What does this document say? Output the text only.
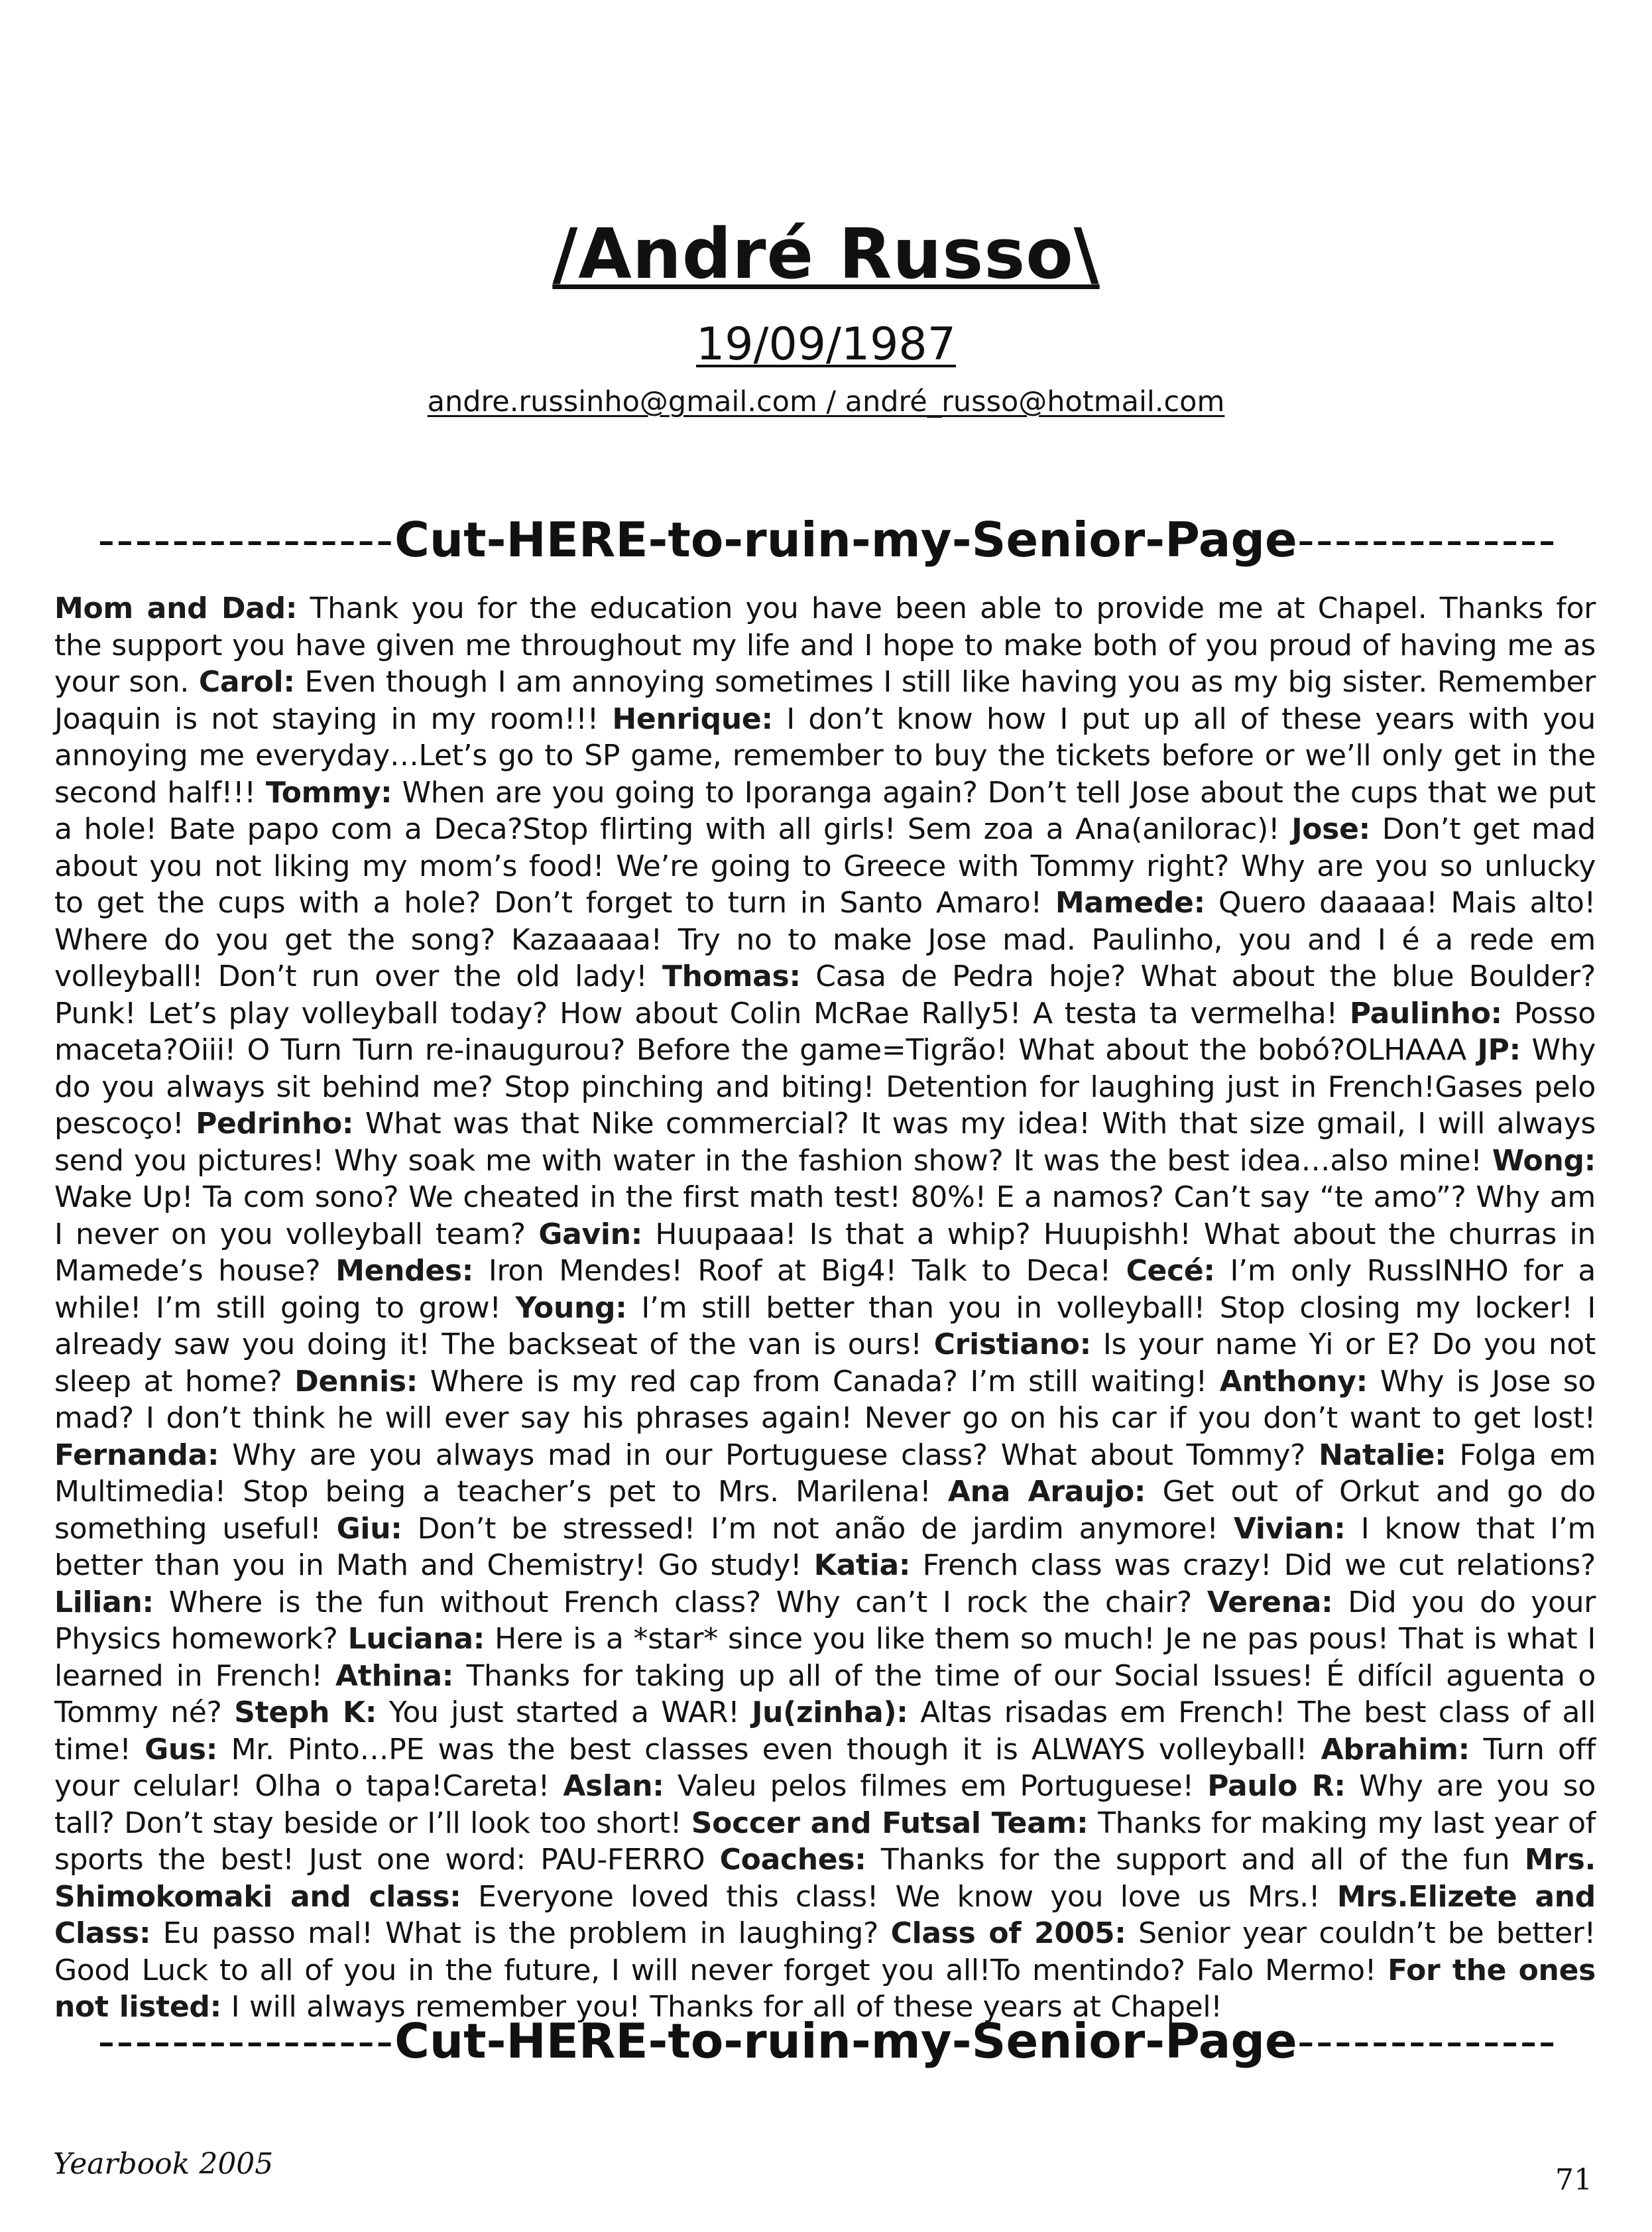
/André Russo\
19/09/1987
andre.russinho@gmail.com / andré_russo@hotmail.com
----------------Cut-HERE-to-ruin-my-Senior-Page--------------
Mom and Dad: Thank you for the education you have been able to provide me at Chapel. Thanks for the support you have given me throughout my life and I hope to make both of you proud of having me as your son. Carol: Even though I am annoying sometimes I still like having you as my big sister. Remember Joaquin is not staying in my room!!! Henrique: I don’t know how I put up all of these years with you annoying me everyday…Let’s go to SP game, remember to buy the tickets before or we’ll only get in the second half!!! Tommy: When are you going to Iporanga again? Don’t tell Jose about the cups that we put a hole! Bate papo com a Deca?Stop flirting with all girls! Sem zoa a Ana(anilorac)! Jose: Don’t get mad about you not liking my mom’s food! We’re going to Greece with Tommy right? Why are you so unlucky to get the cups with a hole? Don’t forget to turn in Santo Amaro! Mamede: Quero daaaaa! Mais alto! Where do you get the song? Kazaaaaa! Try no to make Jose mad. Paulinho, you and I é a rede em volleyball! Don’t run over the old lady! Thomas: Casa de Pedra hoje? What about the blue Boulder? Punk! Let’s play volleyball today? How about Colin McRae Rally5! A testa ta vermelha! Paulinho: Posso maceta?Oiii! O Turn Turn re-inaugurou? Before the game=Tigrão! What about the bobó?OLHAAA JP: Why do you always sit behind me? Stop pinching and biting! Detention for laughing just in French!Gases pelo pescoço! Pedrinho: What was that Nike commercial? It was my idea! With that size gmail, I will always send you pictures! Why soak me with water in the fashion show? It was the best idea…also mine! Wong: Wake Up! Ta com sono? We cheated in the first math test! 80%! E a namos? Can’t say “te amo”? Why am I never on you volleyball team? Gavin: Huupaaa! Is that a whip? Huupishh! What about the churras in Mamede’s house? Mendes: Iron Mendes! Roof at Big4! Talk to Deca! Cecé: I’m only RussINHO for a while! I’m still going to grow! Young: I’m still better than you in volleyball! Stop closing my locker! I already saw you doing it! The backseat of the van is ours! Cristiano: Is your name Yi or E? Do you not sleep at home? Dennis: Where is my red cap from Canada? I’m still waiting! Anthony: Why is Jose so mad? I don’t think he will ever say his phrases again! Never go on his car if you don’t want to get lost! Fernanda: Why are you always mad in our Portuguese class? What about Tommy? Natalie: Folga em Multimedia! Stop being a teacher’s pet to Mrs. Marilena! Ana Araujo: Get out of Orkut and go do something useful! Giu: Don’t be stressed! I’m not anão de jardim anymore! Vivian: I know that I’m better than you in Math and Chemistry! Go study! Katia: French class was crazy! Did we cut relations? Lilian: Where is the fun without French class? Why can’t I rock the chair? Verena: Did you do your Physics homework? Luciana: Here is a *star* since you like them so much! Je ne pas pous! That is what I learned in French! Athina: Thanks for taking up all of the time of our Social Issues! É difícil aguenta o Tommy né? Steph K: You just started a WAR! Ju(zinha): Altas risadas em French! The best class of all time! Gus: Mr. Pinto…PE was the best classes even though it is ALWAYS volleyball! Abrahim: Turn off your celular! Olha o tapa!Careta! Aslan: Valeu pelos filmes em Portuguese! Paulo R: Why are you so tall? Don’t stay beside or I’ll look too short! Soccer and Futsal Team: Thanks for making my last year of sports the best! Just one word: PAU-FERRO Coaches: Thanks for the support and all of the fun Mrs. Shimokomaki and class: Everyone loved this class! We know you love us Mrs.! Mrs.Elizete and Class: Eu passo mal! What is the problem in laughing? Class of 2005: Senior year couldn’t be better! Good Luck to all of you in the future, I will never forget you all!To mentindo? Falo Mermo! For the ones not listed: I will always remember you! Thanks for all of these years at Chapel!
----------------Cut-HERE-to-ruin-my-Senior-Page--------------
Yearbook 2005	71
